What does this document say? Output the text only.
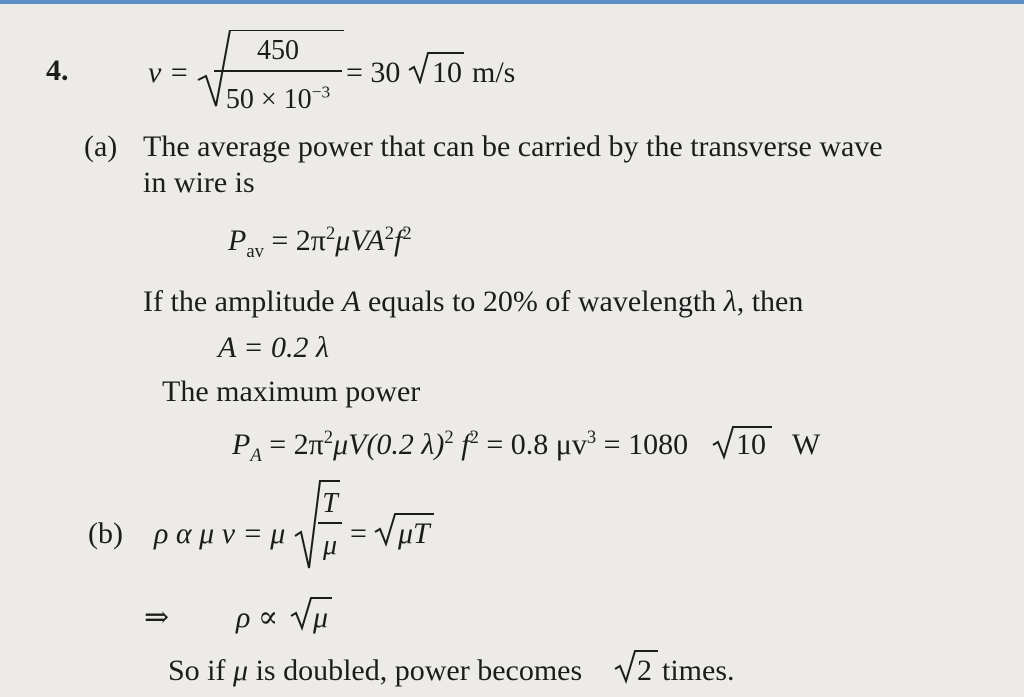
4.	v =
450
$50 \times 10^{-3}$
= 30 10 m/s
(a) The average power that can be carried by the transverse wave
in wire is
$P_{av} = 2\pi^2\mu VA^2f^2$
If the amplitude A equals to 20% of wavelength λ, then
A = 0.2 λ
The maximum power
$P_A = 2\pi^2\mu V(0.2$ λ)$^2$ $f^2 = 0.8$ $\mu v^3 = 1080$ 10 W
(b) ρ α μ v = μ
T
μ = μT
⇒ ρ ∝ μ
So if μ is doubled, power becomes 2 times.
